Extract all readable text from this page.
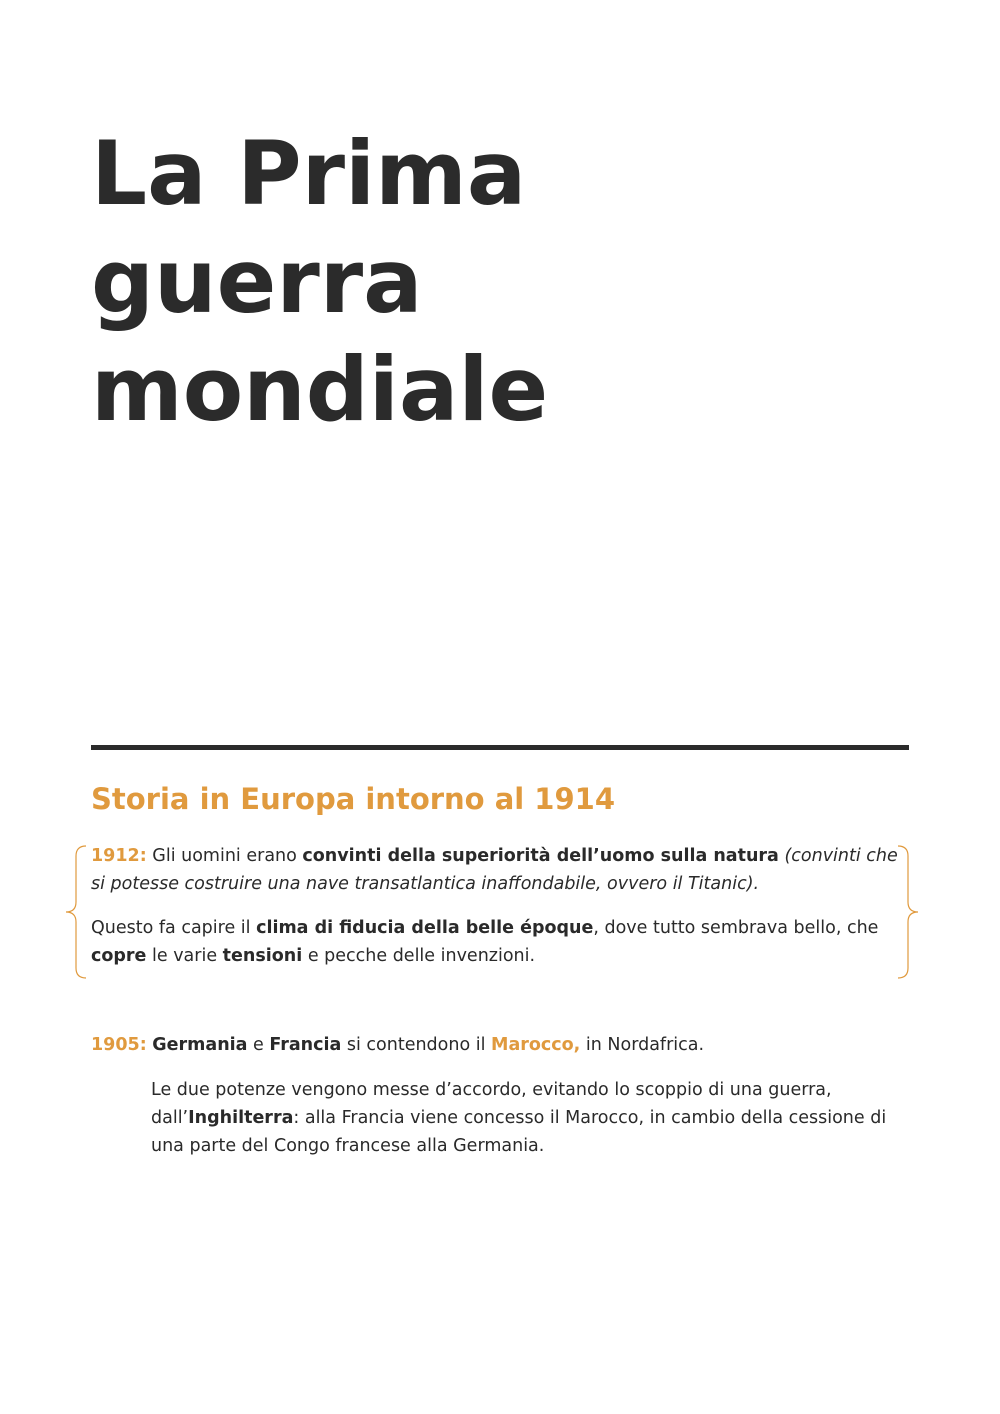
La Prima
guerra
mondiale
Storia in Europa intorno al 1914

1912: Gli uomini erano convinti della superiorità dell’uomo sulla natura (convinti che si potesse costruire una nave transatlantica inaffondabile, ovvero il Titanic).

Questo fa capire il clima di fiducia della belle époque, dove tutto sembrava bello, che copre le varie tensioni e pecche delle invenzioni.

1905: Germania e Francia si contendono il Marocco, in Nordafrica.

Le due potenze vengono messe d’accordo, evitando lo scoppio di una guerra, dall’Inghilterra: alla Francia viene concesso il Marocco, in cambio della cessione di una parte del Congo francese alla Germania.
